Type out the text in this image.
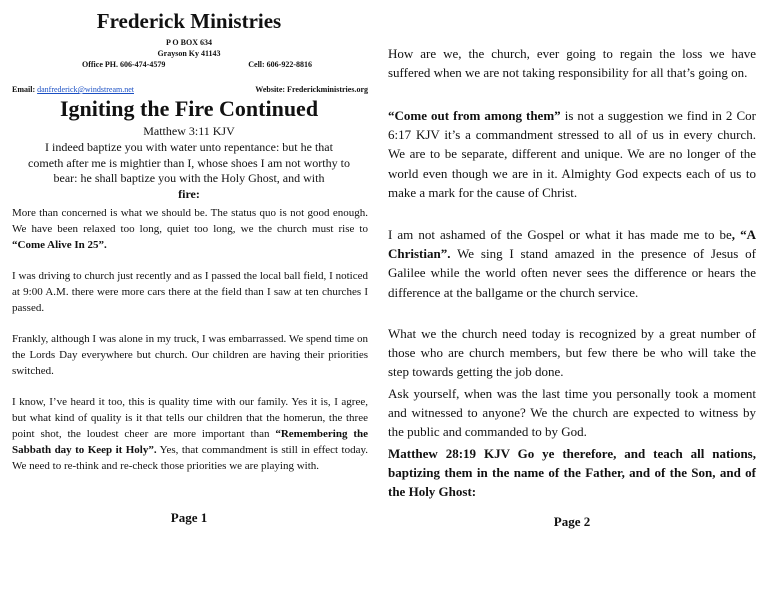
Frederick Ministries
P O BOX 634
Grayson Ky 41143
Office PH. 606-474-4579	Cell: 606-922-8816
Email: danfrederick@windstream.net	Website: Frederickministries.org
Igniting the Fire Continued
Matthew 3:11 KJV
I indeed baptize you with water unto repentance: but he that cometh after me is mightier than I, whose shoes I am not worthy to bear: he shall baptize you with the Holy Ghost, and with
fire:

More than concerned is what we should be. The status quo is not good enough. We have been relaxed too long, quiet too long, we the church must rise to “Come Alive In 25”.

I was driving to church just recently and as I passed the local ball field, I noticed at 9:00 A.M. there were more cars there at the field than I saw at ten churches I passed.

Frankly, although I was alone in my truck, I was embarrassed. We spend time on the Lords Day everywhere but church. Our children are having their priorities switched.

I know, I’ve heard it too, this is quality time with our family. Yes it is, I agree, but what kind of quality is it that tells our children that the homerun, the three point shot, the loudest cheer are more important than “Remembering the Sabbath day to Keep it Holy”. Yes, that commandment is still in effect today. We need to re-think and re-check those priorities we are playing with.

Page 1

How are we, the church, ever going to regain the loss we have suffered when we are not taking responsibility for all that’s going on.

“Come out from among them” is not a suggestion we find in 2 Cor 6:17 KJV it’s a commandment stressed to all of us in every church. We are to be separate, different and unique. We are no longer of the world even though we are in it. Almighty God expects each of us to make a mark for the cause of Christ.

I am not ashamed of the Gospel or what it has made me to be, “A Christian”. We sing I stand amazed in the presence of Jesus of Galilee while the world often never sees the difference or hears the difference at the ballgame or the church service.

What we the church need today is recognized by a great number of those who are church members, but few there be who will take the step towards getting the job done.

Ask yourself, when was the last time you personally took a moment and witnessed to anyone? We the church are expected to witness by the public and commanded to by God.

Matthew 28:19 KJV Go ye therefore, and teach all nations, baptizing them in the name of the Father, and of the Son, and of the Holy Ghost:

Page 2
